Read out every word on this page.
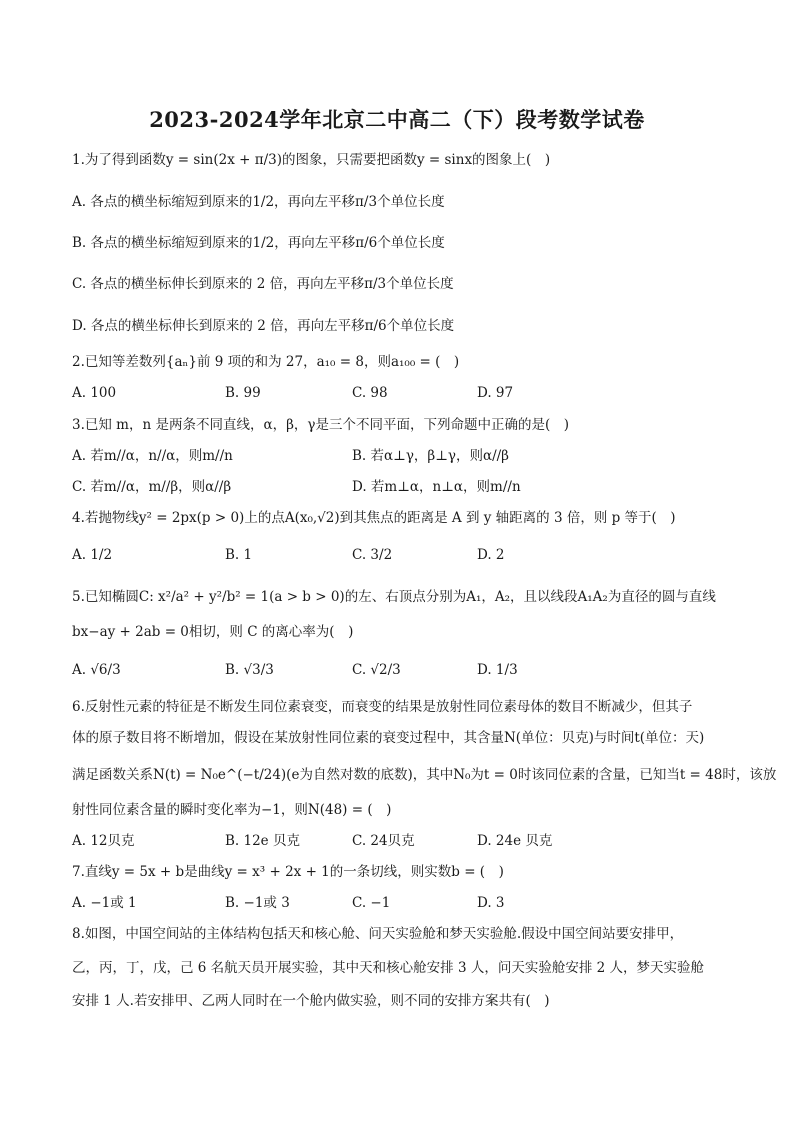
2023-2024学年北京二中高二（下）段考数学试卷
1.为了得到函数y = sin(2x + π/3)的图象，只需要把函数y = sinx的图象上(　)
A. 各点的横坐标缩短到原来的1/2，再向左平移π/3个单位长度
B. 各点的横坐标缩短到原来的1/2，再向左平移π/6个单位长度
C. 各点的横坐标伸长到原来的 2 倍，再向左平移π/3个单位长度
D. 各点的横坐标伸长到原来的 2 倍，再向左平移π/6个单位长度
2.已知等差数列{aₙ}前 9 项的和为 27，a₁₀ = 8，则a₁₀₀ = (　)
A. 100	B. 99	C. 98	D. 97
3.已知 m，n 是两条不同直线，α，β，γ是三个不同平面，下列命题中正确的是(　)
A. 若m//α，n//α，则m//n	B. 若α⊥γ，β⊥γ，则α//β
C. 若m//α，m//β，则α//β	D. 若m⊥α，n⊥α，则m//n
4.若抛物线y² = 2px(p > 0)上的点A(x₀,√2)到其焦点的距离是 A 到 y 轴距离的 3 倍，则 p 等于(　)
A. 1/2	B. 1	C. 3/2	D. 2
5.已知椭圆C: x²/a² + y²/b² = 1(a > b > 0)的左、右顶点分别为A₁，A₂，且以线段A₁A₂为直径的圆与直线
bx−ay + 2ab = 0相切，则 C 的离心率为(　)
A. √6/3	B. √3/3	C. √2/3	D. 1/3
6.反射性元素的特征是不断发生同位素衰变，而衰变的结果是放射性同位素母体的数目不断减少，但其子
体的原子数目将不断增加，假设在某放射性同位素的衰变过程中，其含量N(单位：贝克)与时间t(单位：天)
满足函数关系N(t) = N₀e^(−t/24)(e为自然对数的底数)，其中N₀为t = 0时该同位素的含量，已知当t = 48时，该放
射性同位素含量的瞬时变化率为−1，则N(48) = (　)
A. 12贝克	B. 12e 贝克	C. 24贝克	D. 24e 贝克
7.直线y = 5x + b是曲线y = x³ + 2x + 1的一条切线，则实数b = (　)
A. −1或 1	B. −1或 3	C. −1	D. 3
8.如图，中国空间站的主体结构包括天和核心舱、问天实验舱和梦天实验舱.假设中国空间站要安排甲，
乙，丙，丁，戊，己 6 名航天员开展实验，其中天和核心舱安排 3 人，问天实验舱安排 2 人，梦天实验舱
安排 1 人.若安排甲、乙两人同时在一个舱内做实验，则不同的安排方案共有(　)
